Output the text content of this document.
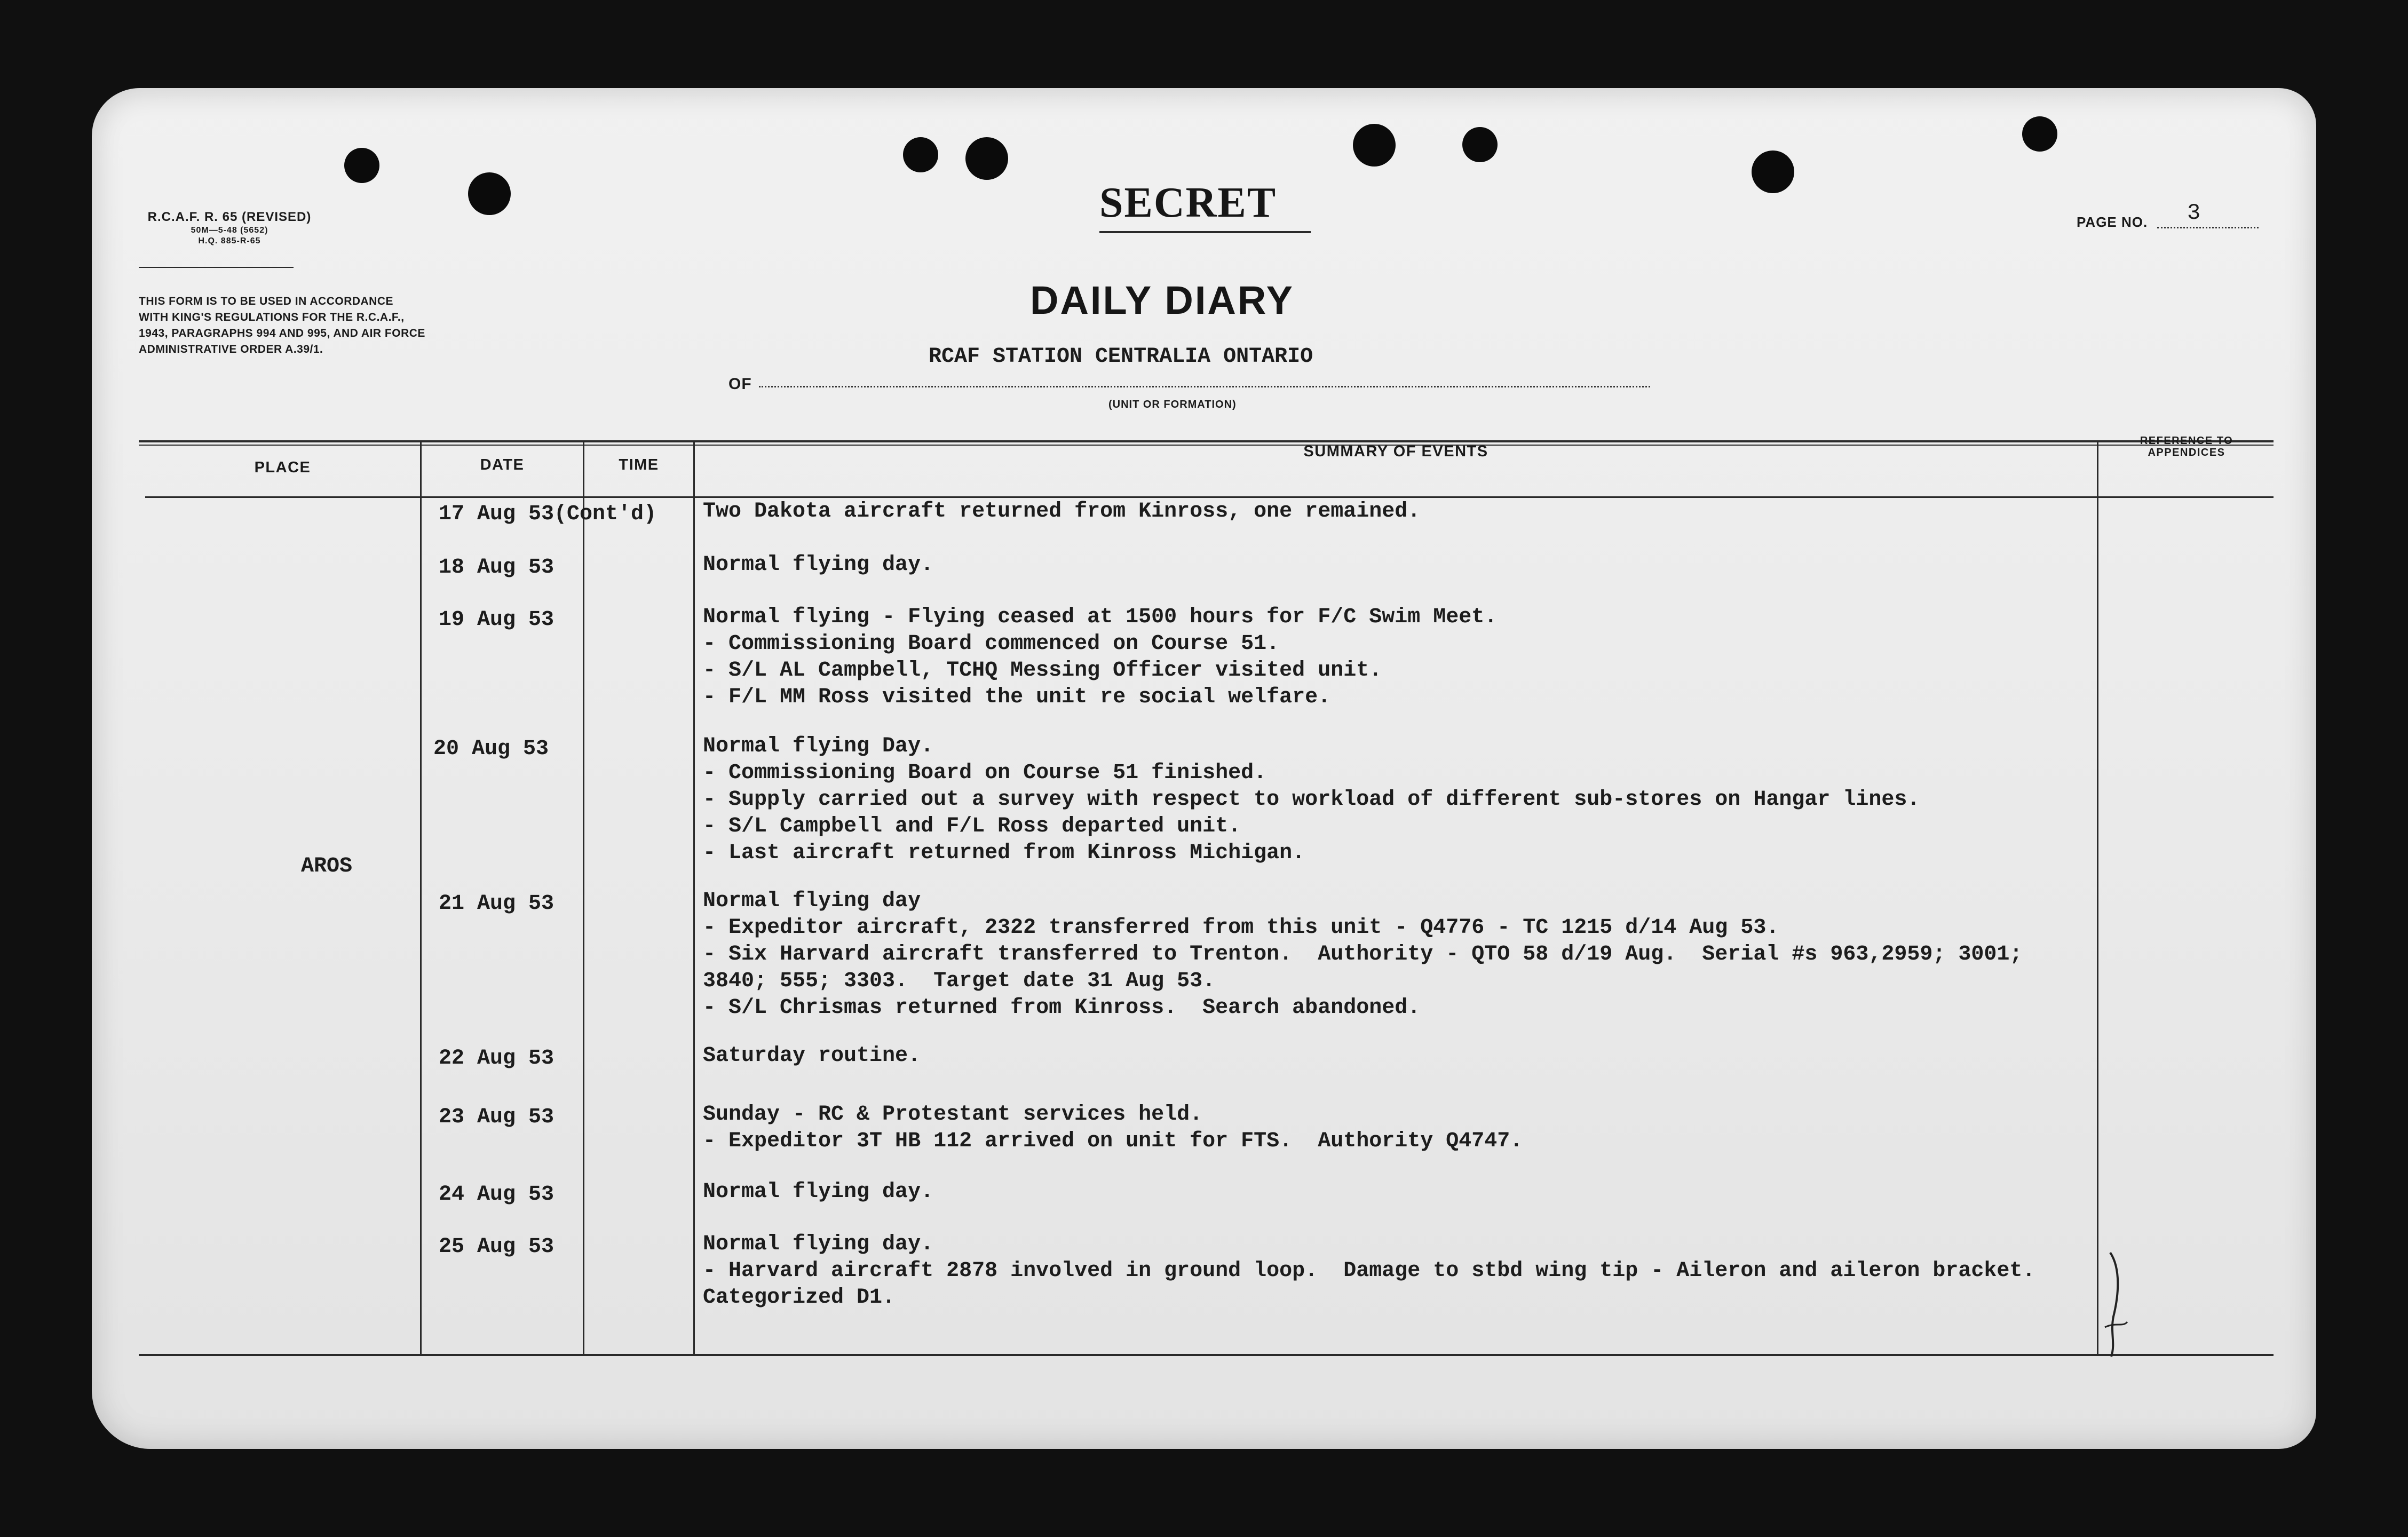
R.C.A.F. R. 65 (REVISED)
50M—5-48 (5652)
H.Q. 885-R-65
THIS FORM IS TO BE USED IN ACCORDANCE
WITH KING'S REGULATIONS FOR THE R.C.A.F.,
1943, PARAGRAPHS 994 AND 995, AND AIR FORCE
ADMINISTRATIVE ORDER A.39/1.
SECRET	PAGE NO. 3
DAILY DIARY
OF
RCAF STATION CENTRALIA ONTARIO
(UNIT OR FORMATION)
PLACE	DATE	TIME
SUMMARY OF EVENTS
REFERENCE TO
APPENDICES
AROS
17 Aug 53(Cont'd) Two Dakota aircraft returned from Kinross, one remained.
18 Aug 53	Normal flying day.
19 Aug 53	Normal flying - Flying ceased at 1500 hours for F/C Swim Meet.
- Commissioning Board commenced on Course 51.
- S/L AL Campbell, TCHQ Messing Officer visited unit.
- F/L MM Ross visited the unit re social welfare.
20 Aug 53	Normal flying Day.
- Commissioning Board on Course 51 finished.
- Supply carried out a survey with respect to workload of different sub-stores on Hangar lines.
- S/L Campbell and F/L Ross departed unit.
- Last aircraft returned from Kinross Michigan.
21 Aug 53	Normal flying day
- Expeditor aircraft, 2322 transferred from this unit - Q4776 - TC 1215 d/14 Aug 53.
- Six Harvard aircraft transferred to Trenton.  Authority - QTO 58 d/19 Aug.  Serial #s 963,2959; 3001;
3840; 555; 3303.  Target date 31 Aug 53.
- S/L Chrismas returned from Kinross.  Search abandoned.
22 Aug 53	Saturday routine.
23 Aug 53	Sunday - RC & Protestant services held.
- Expeditor 3T HB 112 arrived on unit for FTS.  Authority Q4747.
24 Aug 53	Normal flying day.
25 Aug 53	Normal flying day.
- Harvard aircraft 2878 involved in ground loop.  Damage to stbd wing tip - Aileron and aileron bracket.
Categorized D1.
